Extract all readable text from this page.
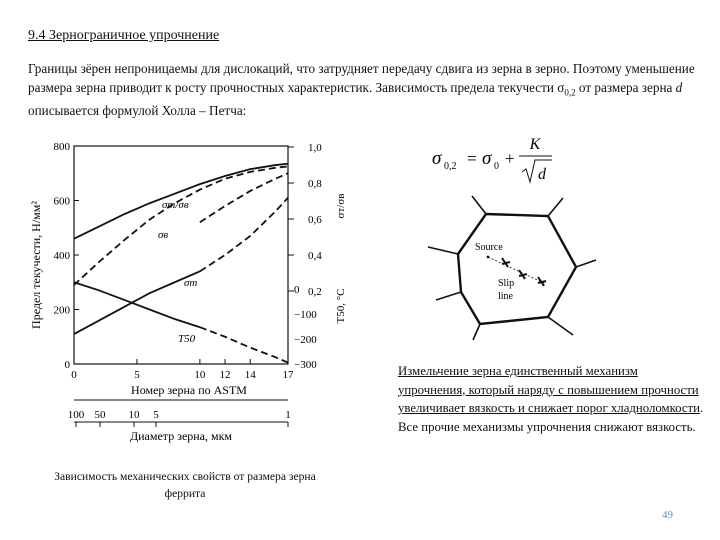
9.4 Зернограничное упрочнение
Границы зёрен непроницаемы для дислокаций, что затрудняет передачу сдвига из зерна в зерно. Поэтому уменьшение размера зерна приводит к росту прочностных характеристик. Зависимость предела текучести $\sigma_{0,2}$ от размера зерна d описывается формулой Холла – Петча:
σ 0,2 = σ 0 +
K
d
Source
Slip
line
0
200
400
600
800
Предел текучести, Н/мм²	0,2
0,4
0,6
0,8
1,0
σт/σв
−300
−200
−100
0	T50, °C
0	5	10 12 14 17
Номер зерна по ASTM
100 50 10 5	1
Диаметр зерна, мкм
σт/σв
σв
σт
T50
Зависимость механических свойств от размера зерна феррита
Измельчение зерна единственный механизм упрочнения, который наряду с повышением прочности увеличивает вязкость и снижает порог хладноломкости.
Все прочие механизмы упрочнения снижают вязкость.
49
